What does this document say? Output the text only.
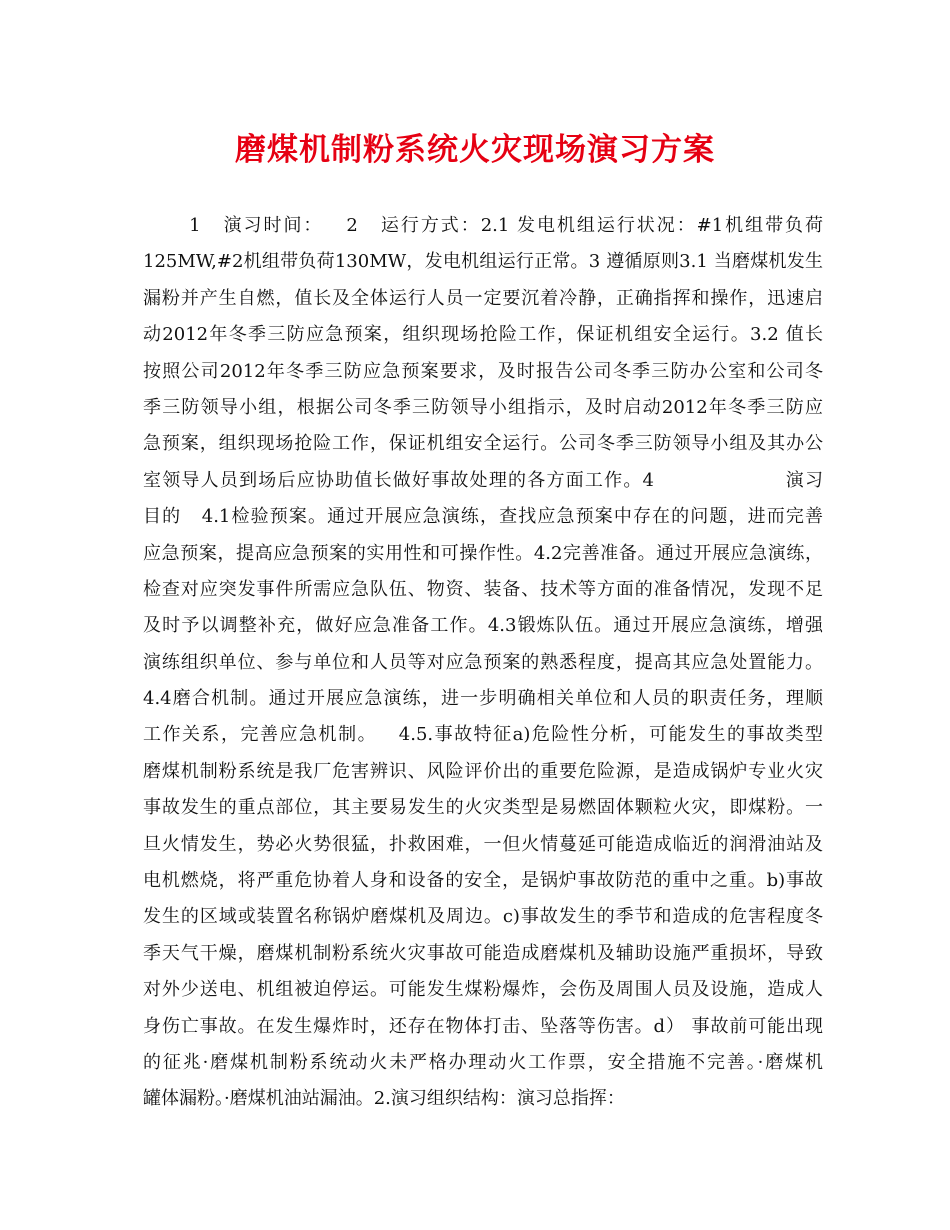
磨煤机制粉系统火灾现场演习方案
1   演习时间：   2   运行方式：2.1 发电机组运行状况：#1机组带负荷
125MW,#2机组带负荷130MW，发电机组运行正常。3 遵循原则3.1 当磨煤机发生
漏粉并产生自燃，值长及全体运行人员一定要沉着冷静，正确指挥和操作，迅速启
动2012年冬季三防应急预案，组织现场抢险工作，保证机组安全运行。3.2 值长
按照公司2012年冬季三防应急预案要求，及时报告公司冬季三防办公室和公司冬
季三防领导小组，根据公司冬季三防领导小组指示，及时启动2012年冬季三防应
急预案，组织现场抢险工作，保证机组安全运行。公司冬季三防领导小组及其办公
室领导人员到场后应协助值长做好事故处理的各方面工作。4                   演习
目的   4.1检验预案。通过开展应急演练，查找应急预案中存在的问题，进而完善
应急预案，提高应急预案的实用性和可操作性。4.2完善准备。通过开展应急演练，
检查对应突发事件所需应急队伍、物资、装备、技术等方面的准备情况，发现不足
及时予以调整补充，做好应急准备工作。4.3锻炼队伍。通过开展应急演练，增强
演练组织单位、参与单位和人员等对应急预案的熟悉程度，提高其应急处置能力。
4.4磨合机制。通过开展应急演练，进一步明确相关单位和人员的职责任务，理顺
工作关系，完善应急机制。   4.5.事故特征a)危险性分析，可能发生的事故类型
磨煤机制粉系统是我厂危害辨识、风险评价出的重要危险源，是造成锅炉专业火灾
事故发生的重点部位，其主要易发生的火灾类型是易燃固体颗粒火灾，即煤粉。一
旦火情发生，势必火势很猛，扑救困难，一但火情蔓延可能造成临近的润滑油站及
电机燃烧，将严重危协着人身和设备的安全，是锅炉事故防范的重中之重。b)事故
发生的区域或装置名称锅炉磨煤机及周边。c)事故发生的季节和造成的危害程度冬
季天气干燥，磨煤机制粉系统火灾事故可能造成磨煤机及辅助设施严重损坏，导致
对外少送电、机组被迫停运。可能发生煤粉爆炸，会伤及周围人员及设施，造成人
身伤亡事故。在发生爆炸时，还存在物体打击、坠落等伤害。d） 事故前可能出现
的征兆·磨煤机制粉系统动火未严格办理动火工作票，安全措施不完善。·磨煤机
罐体漏粉。·磨煤机油站漏油。2.演习组织结构：演习总指挥：
